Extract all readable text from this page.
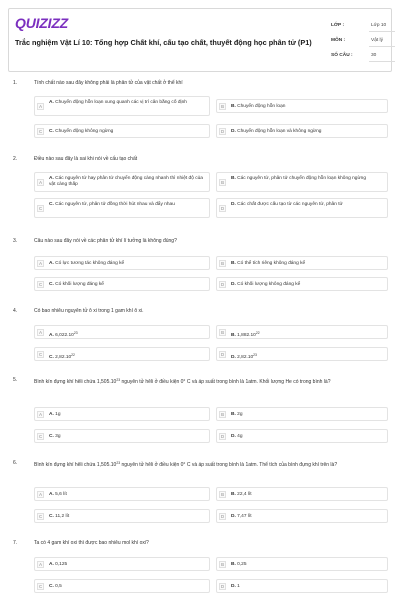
QUIZIZZ
Trắc nghiệm Vật Lí 10: Tổng hợp Chất khí, cấu tạo chất, thuyết động học phân tử (P1)
LỚP :	Lớp 10
MÔN :	Vật lý
SỐ CÂU :	30
1.	Tính chất nào sau đây không phải là phân tử của vật chất ở thể khí
A
A. Chuyển động hỗn loạn xung quanh các vị trí cân bằng cố định
B	B. Chuyển động hỗn loạn
C	C. Chuyển động không ngừng	D	D. Chuyển động hỗn loạn và không ngừng
2.	Điều nào sau đây là sai khi nói về cấu tạo chất
A
A. Các nguyên tử hay phân tử chuyển động càng nhanh thì nhiệt độ của vật càng thấp	B
B. Các nguyên tử, phân tử chuyển động hỗn loạn không ngừng
C
C. Các nguyên tử, phân tử đồng thời hút nhau và đẩy nhau
D
D. Các chất được cấu tạo từ các nguyên tử, phân tử
3.	Câu nào sau đây nói về các phân tử khí lí tưởng là không đúng?
A	A. Có lực tương tác không đáng kể	B	B. Có thể tích riêng không đáng kể
C	C. Có khối lượng đáng kể	D	D. Có khối lượng không đáng kể
4.	Có bao nhiêu nguyên tử ô xi trong 1 gam khí ô xi.
A	A. 6,022.10$^{23}$	B	B. 1,882.10$^{22}$
C	C. 2,82.10$^{22}$	D	D. 2,82.10$^{23}$
5.	Bình kín đựng khí hêli chứa 1,505.10$^{23}$ nguyên tử hêli ở điều kiện 0° C và áp suất trong bình là 1atm. Khối lượng He có trong bình là?
A	A. 1g	B	B. 2g
C	C. 3g	D	D. 4g
6.	Bình kín đựng khí hêli chứa 1,505.10$^{23}$ nguyên tử hêli ở điều kiện 0° C và áp suất trong bình là 1atm. Thể tích của bình đựng khí trên là?
A	A. 5,6 lít	B	B. 22,4 lít
C	C. 11,2 lít	D	D. 7,47 lít
7.	Ta có 4 gam khí oxi thì được bao nhiêu mol khí oxi?
A	A. 0,125	B	B. 0,25
C	C. 0,5	D	D. 1
